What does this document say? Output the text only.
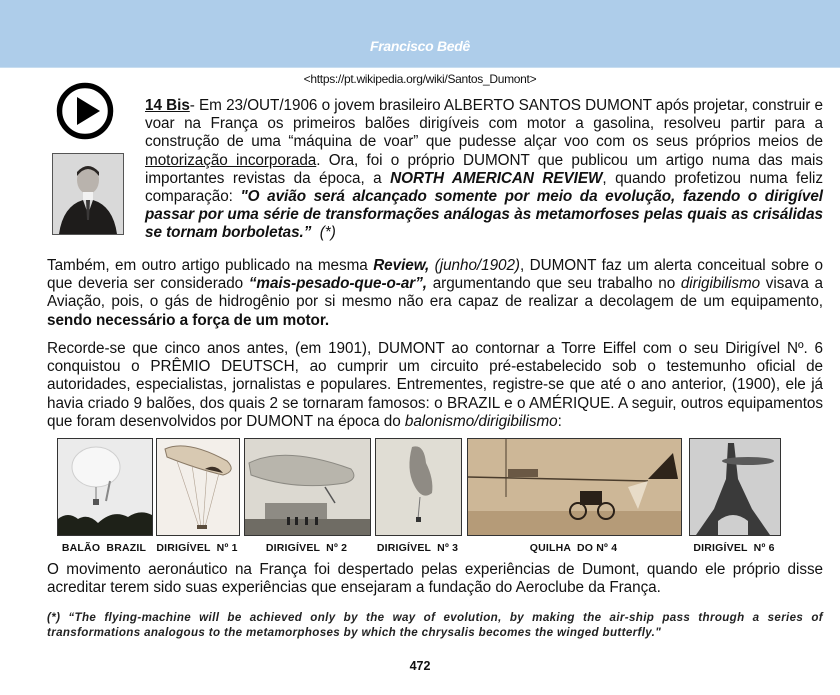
Francisco Bedê
<https://pt.wikipedia.org/wiki/Santos_Dumont>
14 Bis- Em 23/OUT/1906 o jovem brasileiro ALBERTO SANTOS DUMONT após projetar, construir e voar na França os primeiros balões dirigíveis com motor a gasolina, resolveu partir para a construção de uma “máquina de voar” que pudesse alçar voo com os seus próprios meios de motorização incorporada. Ora, foi o próprio DUMONT que publicou um artigo numa das mais importantes revistas da época, a NORTH AMERICAN REVIEW, quando profetizou numa feliz comparação: "O avião será alcançado somente por meio da evolução, fazendo o dirigível passar por uma série de transformações análogas às metamorfoses pelas quais as crisálidas se tornam borboletas.”  (*)
Também, em outro artigo publicado na mesma Review, (junho/1902), DUMONT faz um alerta conceitual sobre o que deveria ser considerado “mais-pesado-que-o-ar”, argumentando que seu trabalho no dirigibilismo visava a Aviação, pois, o gás de hidrogênio por si mesmo não era capaz de realizar a decolagem de um equipamento, sendo necessário a força de um motor.
Recorde-se que cinco anos antes, (em 1901), DUMONT ao contornar a Torre Eiffel com o seu Dirigível Nº. 6 conquistou o PRÊMIO DEUTSCH, ao cumprir um circuito pré-estabelecido sob o testemunho oficial de autoridades, especialistas, jornalistas e populares. Entrementes, registre-se que até o ano anterior, (1900), ele já havia criado 9 balões, dos quais 2 se tornaram famosos: o BRAZIL e o AMÉRIQUE. A seguir, outros equipamentos que foram desenvolvidos por DUMONT na época do balonismo/dirigibilismo:
BALÃO  BRAZIL DIRIGÍVEL  Nº 1	DIRIGÍVEL  Nº 2	DIRIGÍVEL  Nº 3	QUILHA  DO Nº 4	DIRIGÍVEL  Nº 6
O movimento aeronáutico na França foi despertado pelas experiências de Dumont, quando ele próprio disse acreditar terem sido suas experiências que ensejaram a fundação do Aeroclube da França.
(*) “The flying-machine will be achieved only by the way of evolution, by making the air-ship pass through a series of transformations analogous to the metamorphoses by which the chrysalis becomes the winged butterfly."
472
